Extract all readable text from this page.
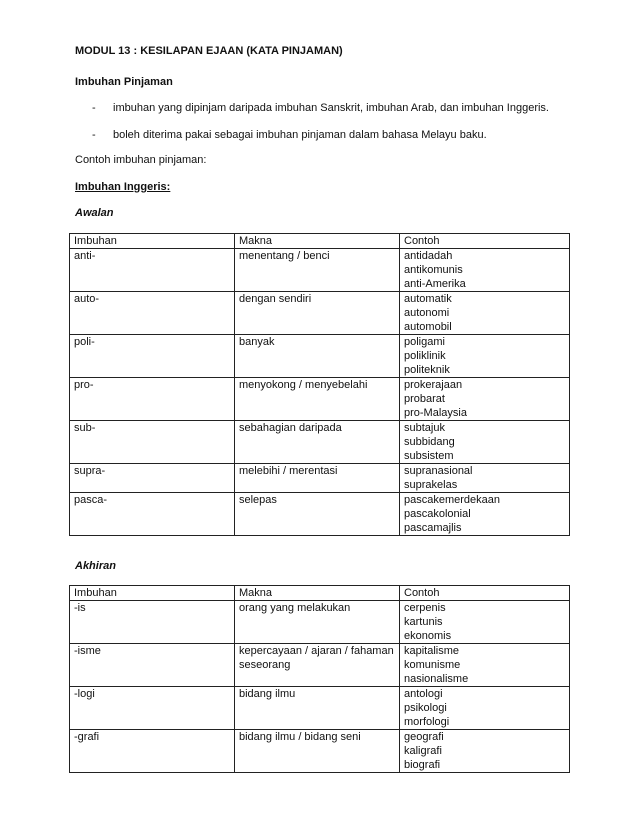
MODUL 13 : KESILAPAN EJAAN (KATA PINJAMAN)
Imbuhan Pinjaman
- imbuhan yang dipinjam daripada imbuhan Sanskrit, imbuhan Arab, dan imbuhan Inggeris.
- boleh diterima pakai sebagai imbuhan pinjaman dalam bahasa Melayu baku.
Contoh imbuhan pinjaman:
Imbuhan Inggeris:
Awalan
Imbuhan	Makna	Contoh
anti-	menentang / benci	antidadah
antikomunis
anti-Amerika

auto-	dengan sendiri	automatik
autonomi
automobil

poli-	banyak	poligami
poliklinik
politeknik

pro-	menyokong / menyebelahi	prokerajaan
probarat
pro-Malaysia

sub-	sebahagian daripada	subtajuk
subbidang
subsistem

supra-	melebihi / merentasi	supranasional
suprakelas

pasca-	selepas	pascakemerdekaan
pascakolonial
pascamajlis
Akhiran
Imbuhan	Makna	Contoh
-is	orang yang melakukan	cerpenis
kartunis
ekonomis

-isme	kepercayaan / ajaran / fahaman seseorang	kapitalisme
komunisme
nasionalisme

-logi	bidang ilmu	antologi
psikologi
morfologi

-grafi	bidang ilmu / bidang seni	geografi
kaligrafi
biografi
